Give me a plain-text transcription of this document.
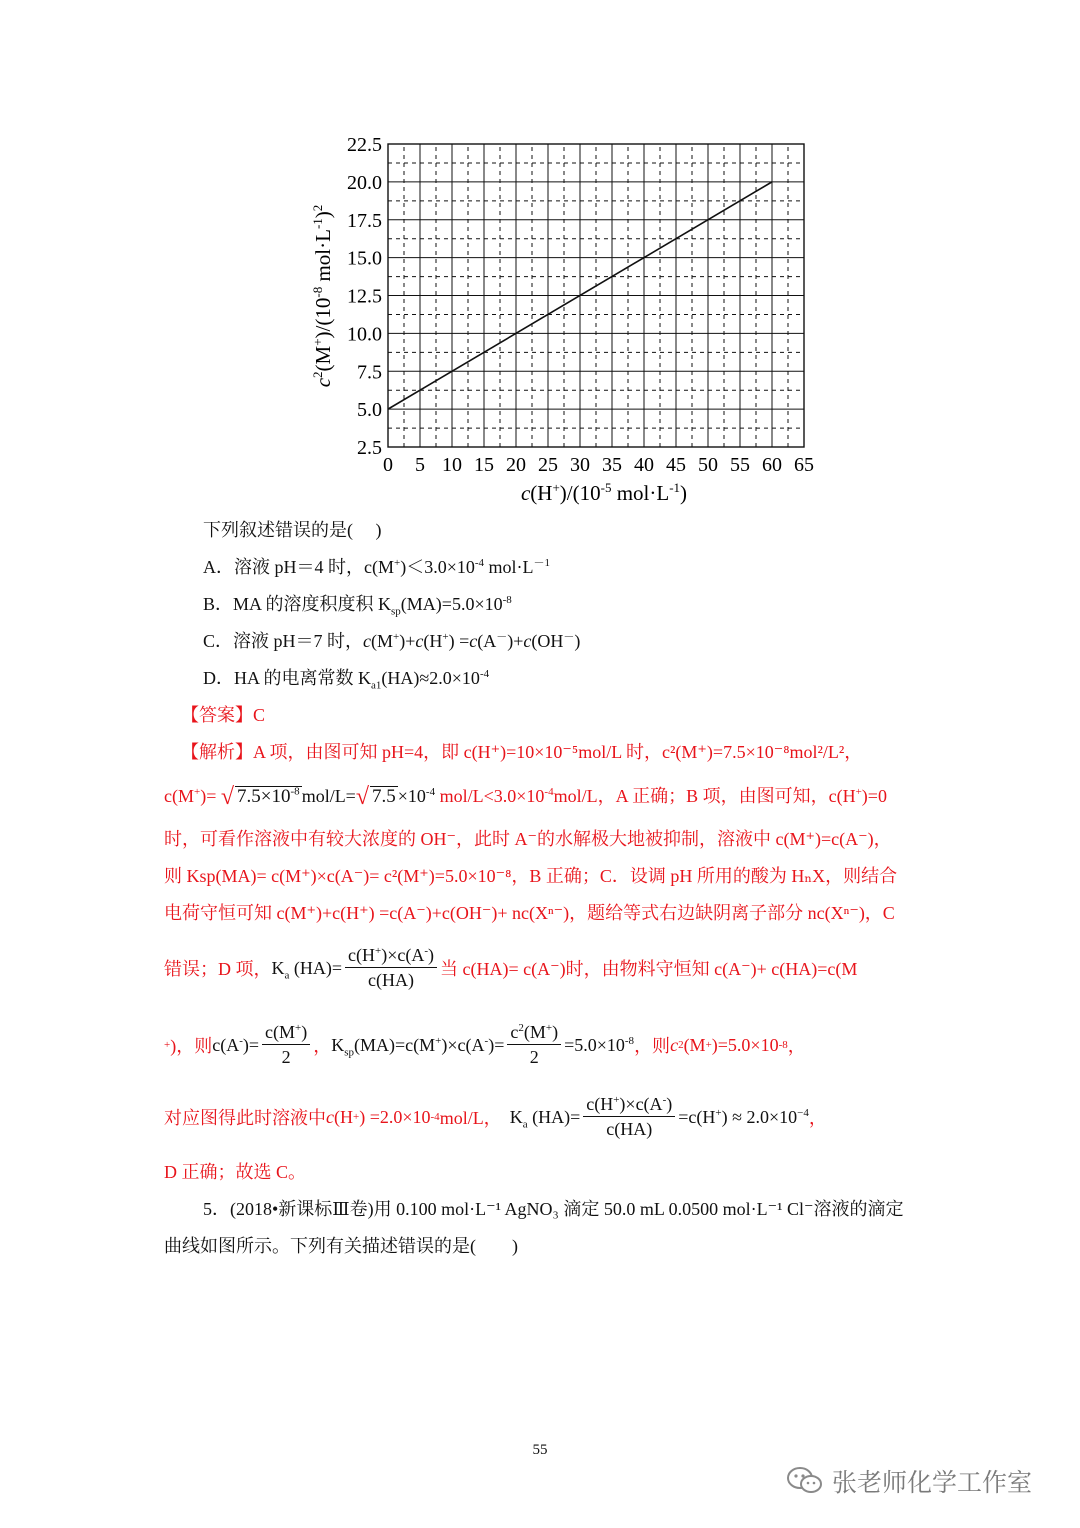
2.5
5.0
7.5
10.0
12.5
15.0
17.5
20.0
22.5
0 5 10 15 20 25 30 35 40 45 50 55 60 65
$c^2(M^+)/(10^{-8}$ $mol\cdot L^{-1})^2$
$c(H^+)/(10^{-5}$ $mol\cdot L^{-1}$)
下列叙述错误的是(　 )
A．溶液 pH＝4 时，$c(M^+)<3.0\times 10^{-4}$ $mol\cdot L^{-1}$
B．MA 的溶度积度积 $K_{sp}(MA)=5.0\times 10^{-8}$
C．溶液 pH＝7 时，c(M+)+c(H+) =c(A－)+c(OH－)
D．HA 的电离常数 $K_{a1}(HA)\approx 2.0\times 10^{-4}$
【答案】C
【解析】A 项，由图可知 pH=4，即 c(H⁺)=10×10⁻⁵mol/L 时，c²(M⁺)=7.5×10⁻⁸mol²/L²，
c(M+)= √ $7.5\times 10^{-8}$ mol/L=√ $7.5 \times 10^{-4}$ mol/$L<3.0\times 10^{-4}mol/L$，A 正确；B 项，由图可知，c(H+)=0
时，可看作溶液中有较大浓度的 OH⁻，此时 A⁻的水解极大地被抑制，溶液中 c(M⁺)=c(A⁻)，
则 Ksp(MA)= c(M⁺)×c(A⁻)= c²(M⁺)=5.0×10⁻⁸，B 正确；C．设调 pH 所用的酸为 HₙX，则结合
电荷守恒可知 c(M⁺)+c(H⁺) =c(A⁻)+c(OH⁻)+ nc(Xⁿ⁻)，题给等式右边缺阴离子部分 nc(Xⁿ⁻)，C
错误；D 项， $K_a$ $(HA)= \frac{c(H^+)\times c(A^-)}{c(HA)}$ 当 c(HA)= c(A⁻)时，由物料守恒知 c(A⁻)+ c(HA)=c(M
+ )，则 $c(A^-)= \frac{c(M^+)}{2}$ ， $K_{sp}(MA)=c(M^+)\times c(A^-)= \frac{c^2(M^+)}{2} =5.0\times 10^{-8}$ ，则 c 2 (M + )=5.0×10 -8 ，
对应图得此时溶液中 c (H + ) =2.0×10 -4 mol/L， $K_a$ $(HA)= \frac{c(H^+)\times c(A^-)}{c(HA)} =c(H^+) \approx 2.0\times 10^{-4}$ ，
D 正确；故选 C。
5．(2018•新课标Ⅲ卷)用 0.100 mol·L⁻¹ AgNO₃ 滴定 50.0 mL 0.0500 mol·L⁻¹ Cl⁻溶液的滴定
曲线如图所示。下列有关描述错误的是(　　)
55
张老师化学工作室
